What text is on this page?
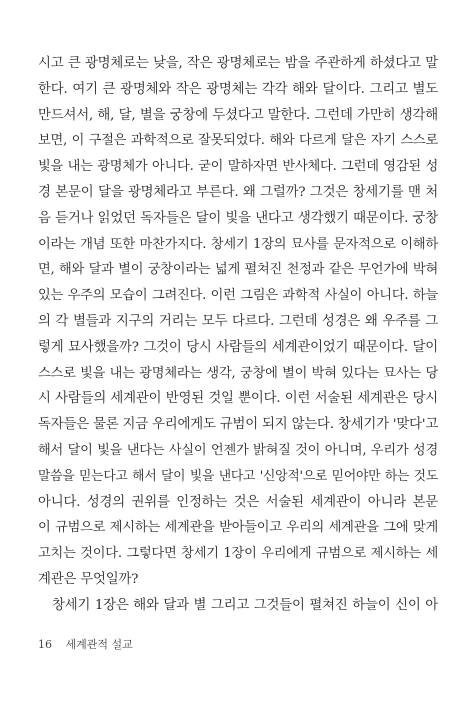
시고 큰 광명체로는 낮을, 작은 광명체로는 밤을 주관하게 하셨다고 말
한다. 여기 큰 광명체와 작은 광명체는 각각 해와 달이다. 그리고 별도
만드셔서, 해, 달, 별을 궁창에 두셨다고 말한다. 그런데 가만히 생각해
보면, 이 구절은 과학적으로 잘못되었다. 해와 다르게 달은 자기 스스로
빛을 내는 광명체가 아니다. 굳이 말하자면 반사체다. 그런데 영감된 성
경 본문이 달을 광명체라고 부른다. 왜 그럴까? 그것은 창세기를 맨 처
음 듣거나 읽었던 독자들은 달이 빛을 낸다고 생각했기 때문이다. 궁창
이라는 개념 또한 마찬가지다. 창세기 1장의 묘사를 문자적으로 이해하
면, 해와 달과 별이 궁창이라는 넓게 펼쳐진 천정과 같은 무언가에 박혀
있는 우주의 모습이 그려진다. 이런 그림은 과학적 사실이 아니다. 하늘
의 각 별들과 지구의 거리는 모두 다르다. 그런데 성경은 왜 우주를 그
렇게 묘사했을까? 그것이 당시 사람들의 세계관이었기 때문이다. 달이
스스로 빛을 내는 광명체라는 생각, 궁창에 별이 박혀 있다는 묘사는 당
시 사람들의 세계관이 반영된 것일 뿐이다. 이런 서술된 세계관은 당시
독자들은 물론 지금 우리에게도 규범이 되지 않는다. 창세기가 '맞다'고
해서 달이 빛을 낸다는 사실이 언젠가 밝혀질 것이 아니며, 우리가 성경
말씀을 믿는다고 해서 달이 빛을 낸다고 '신앙적'으로 믿어야만 하는 것도
아니다. 성경의 권위를 인정하는 것은 서술된 세계관이 아니라 본문
이 규범으로 제시하는 세계관을 받아들이고 우리의 세계관을 그에 맞게
고치는 것이다. 그렇다면 창세기 1장이 우리에게 규범으로 제시하는 세
계관은 무엇일까?
창세기 1장은 해와 달과 별 그리고 그것들이 펼쳐진 하늘이 신이 아
16 세계관적 설교
